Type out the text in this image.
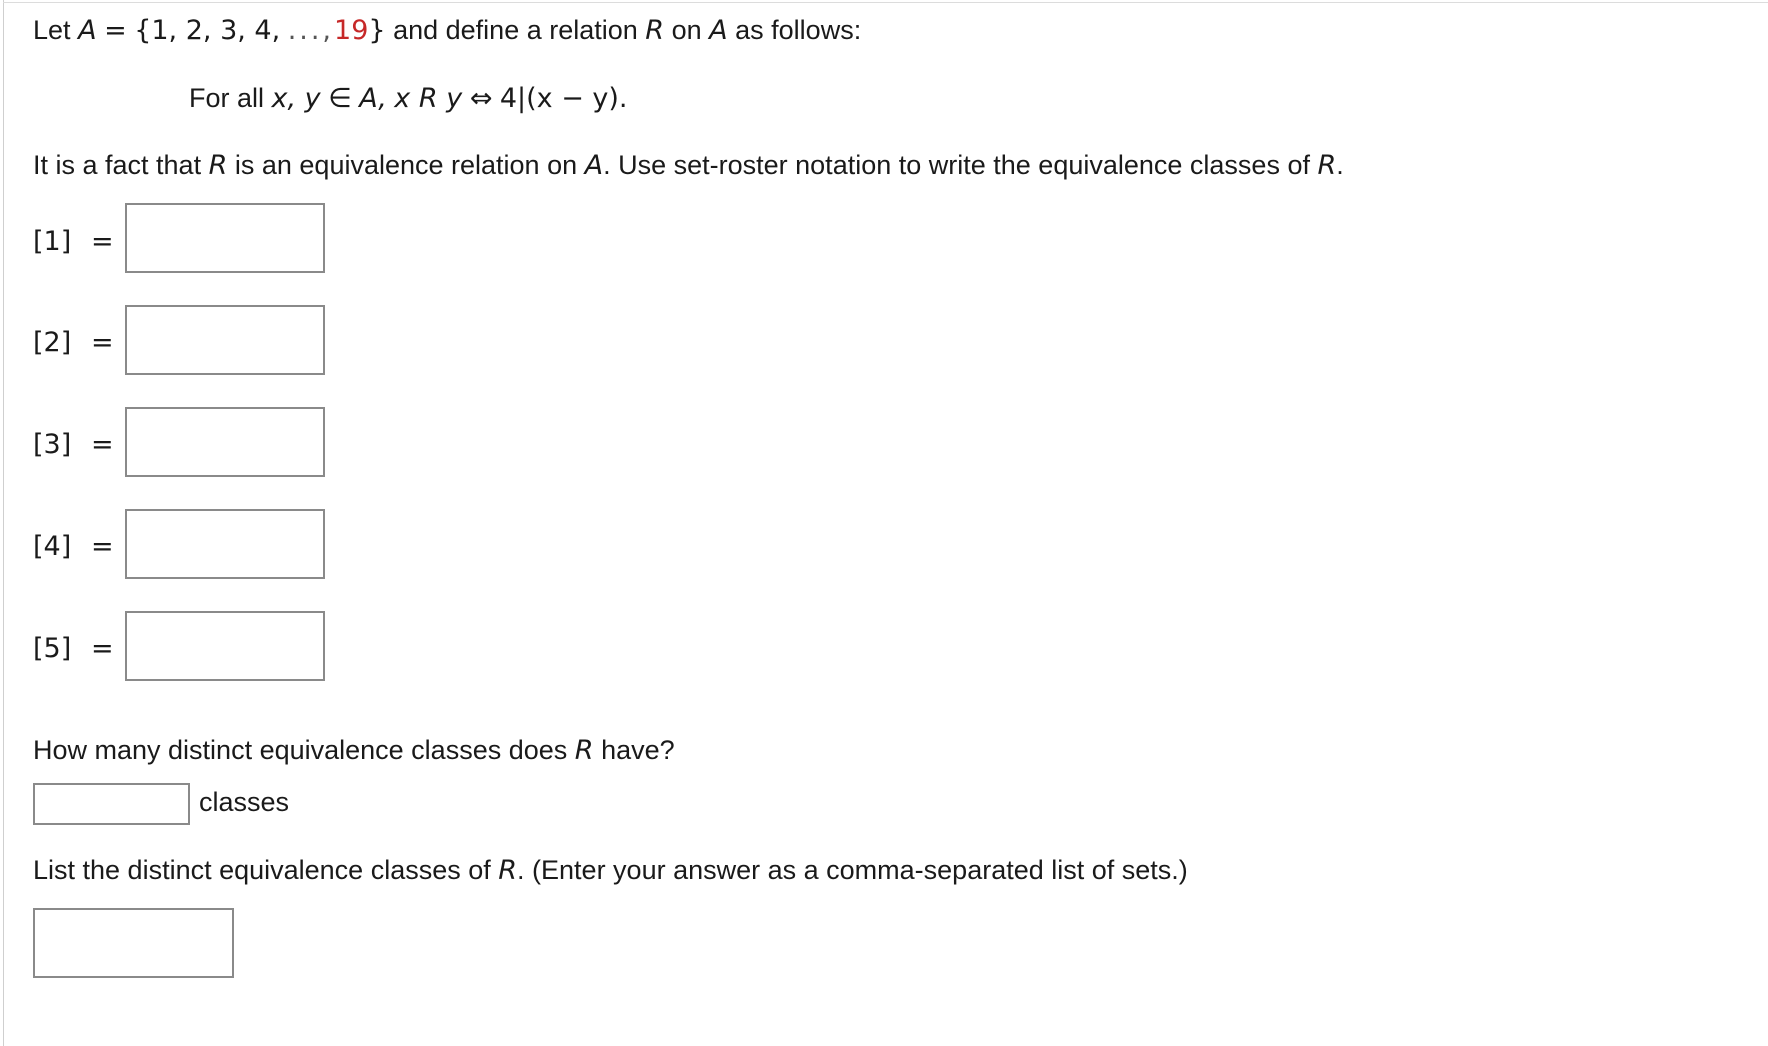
Let A = {1, 2, 3, 4, ...,19} and define a relation R on A as follows:
For all x, y ∈ A, x R y ⇔ 4|(x − y).
It is a fact that R is an equivalence relation on A. Use set-roster notation to write the equivalence classes of R.
[1] =
[2] =
[3] =
[4] =
[5] =
How many distinct equivalence classes does R have?
classes
List the distinct equivalence classes of R. (Enter your answer as a comma-separated list of sets.)
